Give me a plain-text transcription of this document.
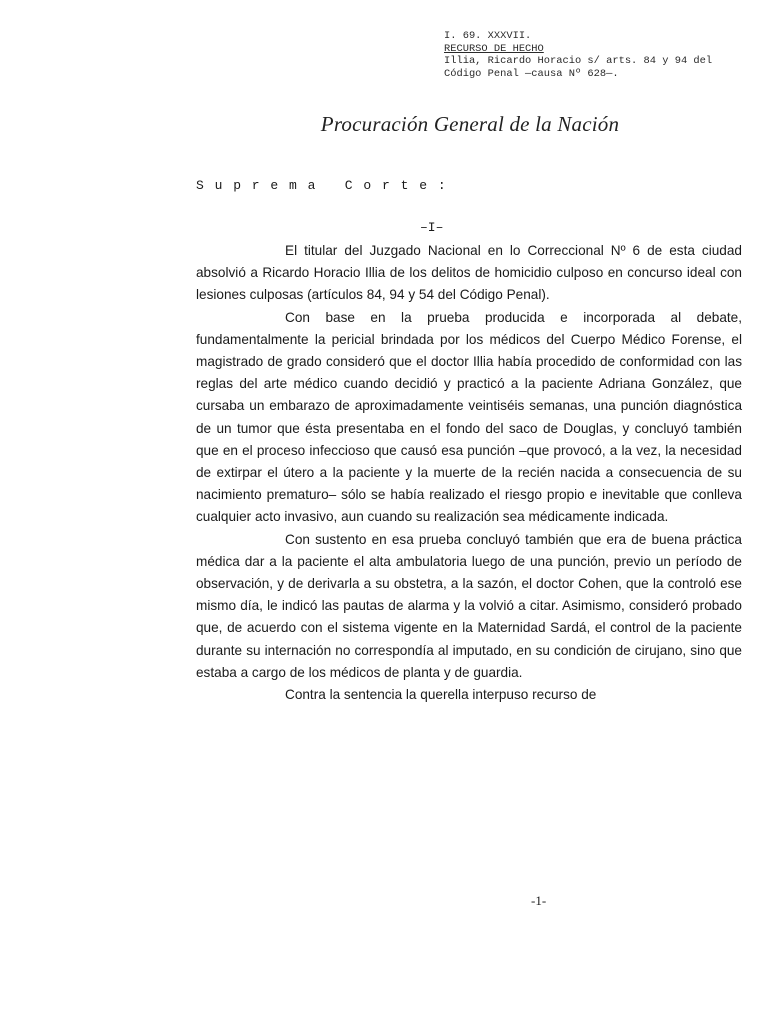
I. 69. XXXVII.
RECURSO DE HECHO
Illia, Ricardo Horacio s/ arts. 84 y 94 del
Código Penal —causa Nº 628—.
Procuración General de la Nación
Suprema Corte:
–I–

El titular del Juzgado Nacional en lo Correccional Nº 6 de esta ciudad absolvió a Ricardo Horacio Illia de los delitos de homicidio culposo en concurso ideal con lesiones culposas (artículos 84, 94 y 54 del Código Penal).

Con base en la prueba producida e incorporada al debate, fundamentalmente la pericial brindada por los médicos del Cuerpo Médico Forense, el magistrado de grado consideró que el doctor Illia había procedido de conformidad con las reglas del arte médico cuando decidió y practicó a la paciente Adriana González, que cursaba un embarazo de aproximadamente veintiséis semanas, una punción diagnóstica de un tumor que ésta presentaba en el fondo del saco de Douglas, y concluyó también que en el proceso infeccioso que causó esa punción –que provocó, a la vez, la necesidad de extirpar el útero a la paciente y la muerte de la recién nacida a consecuencia de su nacimiento prematuro– sólo se había realizado el riesgo propio e inevitable que conlleva cualquier acto invasivo, aun cuando su realización sea médicamente indicada.

Con sustento en esa prueba concluyó también que era de buena práctica médica dar a la paciente el alta ambulatoria luego de una punción, previo un período de observación, y de derivarla a su obstetra, a la sazón, el doctor Cohen, que la controló ese mismo día, le indicó las pautas de alarma y la volvió a citar. Asimismo, consideró probado que, de acuerdo con el sistema vigente en la Maternidad Sardá, el control de la paciente durante su internación no correspondía al imputado, en su condición de cirujano, sino que estaba a cargo de los médicos de planta y de guardia.

Contra la sentencia la querella interpuso recurso de

-1-
